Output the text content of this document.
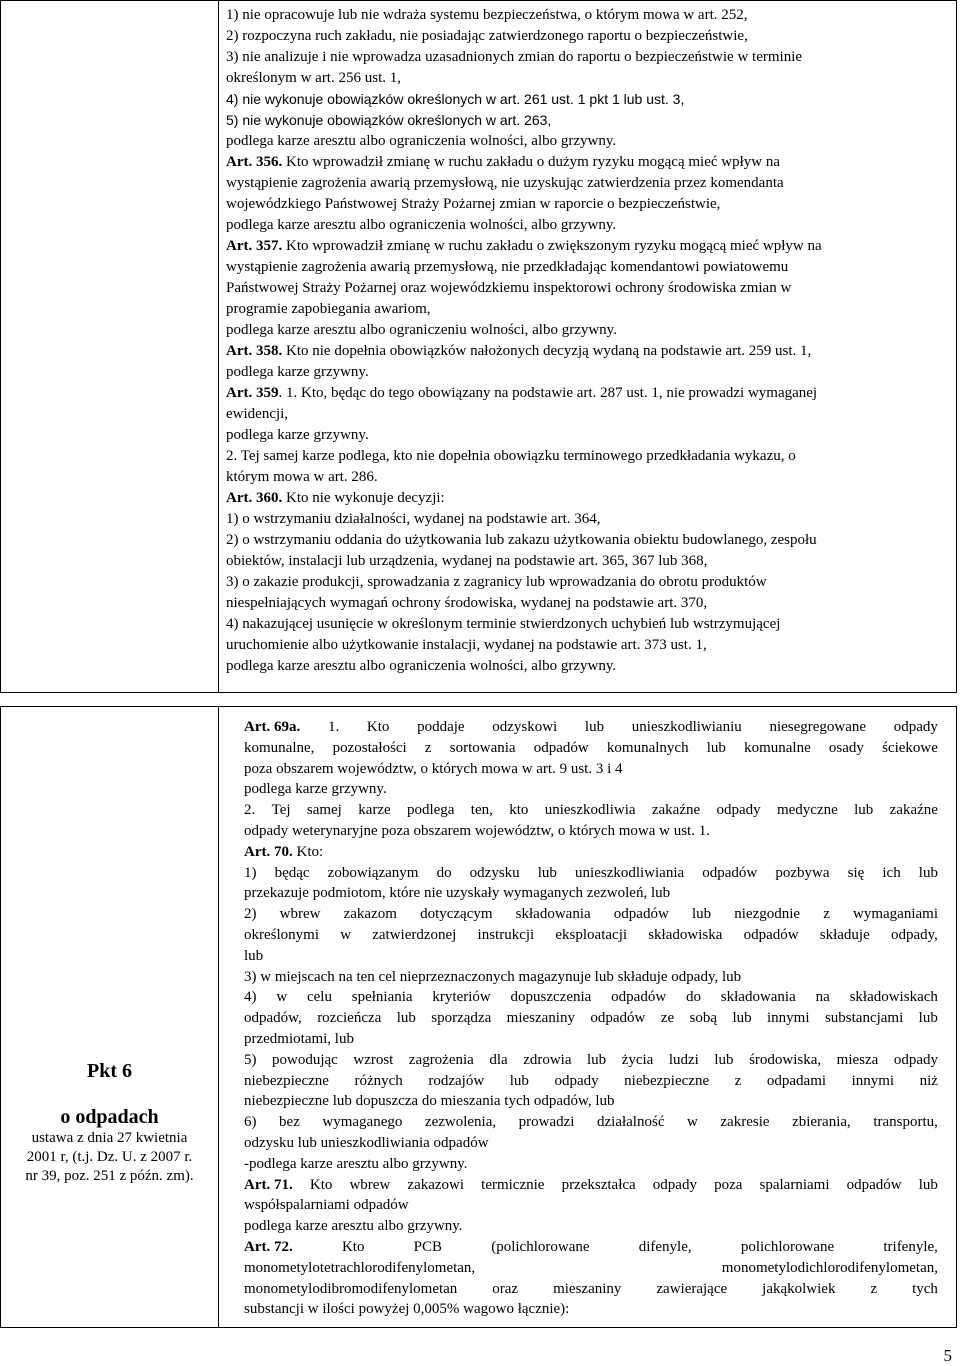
1) nie opracowuje lub nie wdraża systemu bezpieczeństwa, o którym mowa w art. 252,
2) rozpoczyna ruch zakładu, nie posiadając zatwierdzonego raportu o bezpieczeństwie,
3) nie analizuje i nie wprowadza uzasadnionych zmian do raportu o bezpieczeństwie w terminie
określonym w art. 256 ust. 1,
4) nie wykonuje obowiązków określonych w art. 261 ust. 1 pkt 1 lub ust. 3,
5) nie wykonuje obowiązków określonych w art. 263,
podlega karze aresztu albo ograniczenia wolności, albo grzywny.
Art. 356. Kto wprowadził zmianę w ruchu zakładu o dużym ryzyku mogącą mieć wpływ na
wystąpienie zagrożenia awarią przemysłową, nie uzyskując zatwierdzenia przez komendanta
wojewódzkiego Państwowej Straży Pożarnej zmian w raporcie o bezpieczeństwie,
podlega karze aresztu albo ograniczenia wolności, albo grzywny.
Art. 357. Kto wprowadził zmianę w ruchu zakładu o zwiększonym ryzyku mogącą mieć wpływ na
wystąpienie zagrożenia awarią przemysłową, nie przedkładając komendantowi powiatowemu
Państwowej Straży Pożarnej oraz wojewódzkiemu inspektorowi ochrony środowiska zmian w
programie zapobiegania awariom,
podlega karze aresztu albo ograniczeniu wolności, albo grzywny.
Art. 358. Kto nie dopełnia obowiązków nałożonych decyzją wydaną na podstawie art. 259 ust. 1,
podlega karze grzywny.
Art. 359. 1. Kto, będąc do tego obowiązany na podstawie art. 287 ust. 1, nie prowadzi wymaganej
ewidencji,
podlega karze grzywny.
2. Tej samej karze podlega, kto nie dopełnia obowiązku terminowego przedkładania wykazu, o
którym mowa w art. 286.
Art. 360. Kto nie wykonuje decyzji:
1) o wstrzymaniu działalności, wydanej na podstawie art. 364,
2) o wstrzymaniu oddania do użytkowania lub zakazu użytkowania obiektu budowlanego, zespołu
obiektów, instalacji lub urządzenia, wydanej na podstawie art. 365, 367 lub 368,
3) o zakazie produkcji, sprowadzania z zagranicy lub wprowadzania do obrotu produktów
niespełniających wymagań ochrony środowiska, wydanej na podstawie art. 370,
4) nakazującej usunięcie w określonym terminie stwierdzonych uchybień lub wstrzymującej
uruchomienie albo użytkowanie instalacji, wydanej na podstawie art. 373 ust. 1,
podlega karze aresztu albo ograniczenia wolności, albo grzywny.
Pkt 6
o odpadach
ustawa z dnia 27 kwietnia
2001 r, (t.j. Dz. U. z 2007 r.
nr 39, poz. 251 z późn. zm).
Art. 69a. 1. Kto poddaje odzyskowi lub unieszkodliwianiu niesegregowane odpady
komunalne, pozostałości z sortowania odpadów komunalnych lub komunalne osady ściekowe
poza obszarem województw, o których mowa w art. 9 ust. 3 i 4
podlega karze grzywny.
2. Tej samej karze podlega ten, kto unieszkodliwia zakaźne odpady medyczne lub zakaźne
odpady weterynaryjne poza obszarem województw, o których mowa w ust. 1.
Art. 70. Kto:
1) będąc zobowiązanym do odzysku lub unieszkodliwiania odpadów pozbywa się ich lub
przekazuje podmiotom, które nie uzyskały wymaganych zezwoleń, lub
2) wbrew zakazom dotyczącym składowania odpadów lub niezgodnie z wymaganiami
określonymi w zatwierdzonej instrukcji eksploatacji składowiska odpadów składuje odpady,
lub
3) w miejscach na ten cel nieprzeznaczonych magazynuje lub składuje odpady, lub
4) w celu spełniania kryteriów dopuszczenia odpadów do składowania na składowiskach
odpadów, rozcieńcza lub sporządza mieszaniny odpadów ze sobą lub innymi substancjami lub
przedmiotami, lub
5) powodując wzrost zagrożenia dla zdrowia lub życia ludzi lub środowiska, miesza odpady
niebezpieczne różnych rodzajów lub odpady niebezpieczne z odpadami innymi niż
niebezpieczne lub dopuszcza do mieszania tych odpadów, lub
6) bez wymaganego zezwolenia, prowadzi działalność w zakresie zbierania, transportu,
odzysku lub unieszkodliwiania odpadów
-podlega karze aresztu albo grzywny.
Art. 71. Kto wbrew zakazowi termicznie przekształca odpady poza spalarniami odpadów lub
współspalarniami odpadów
podlega karze aresztu albo grzywny.
Art. 72.	Kto	PCB	(polichlorowane	difenyle,	polichlorowane	trifenyle,
monometylotetrachlorodifenylometan,	monometylodichlorodifenylometan,
monometylodibromodifenylometan oraz mieszaniny zawierające jakąkolwiek z tych
substancji w ilości powyżej 0,005% wagowo łącznie):
5
